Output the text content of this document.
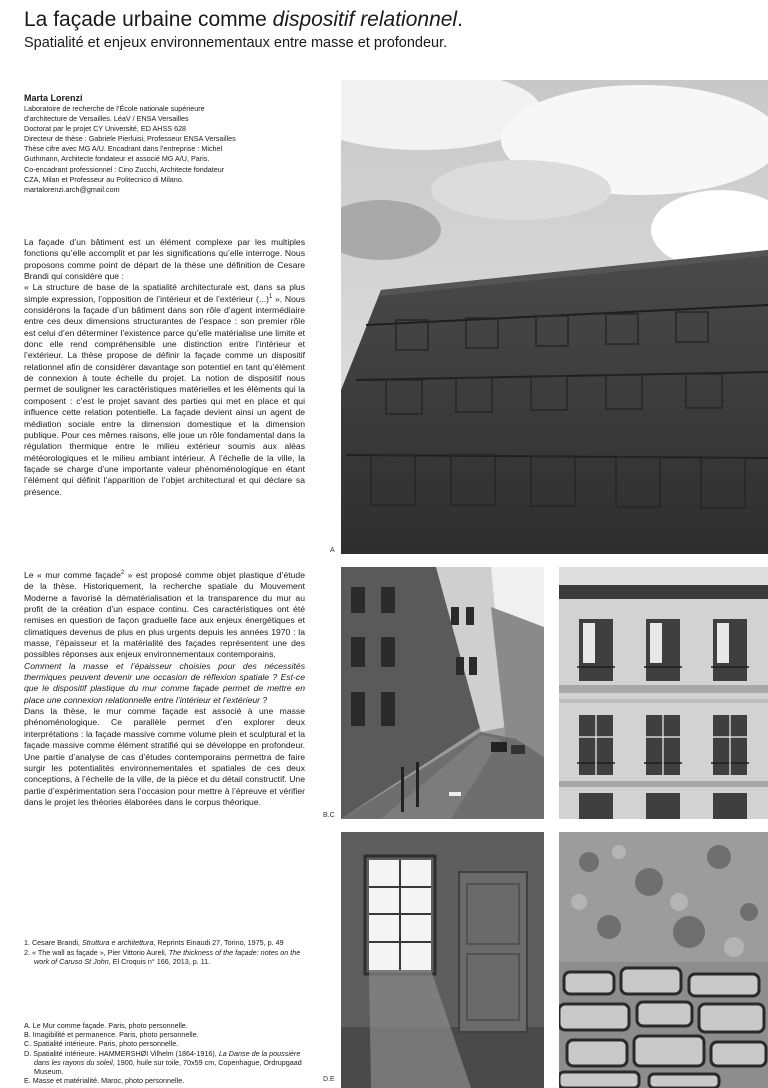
La façade urbaine comme dispositif relationnel.
Spatialité et enjeux environnementaux entre masse et profondeur.
Marta Lorenzi
Laboratoire de recherche de l’École nationale supérieure
d’architecture de Versailles. LéaV / ENSA Versailles
Doctorat par le projet CY Université, ED AHSS 628
Directeur de thèse : Gabriele Pierluisi, Professeur ENSA Versailles
Thèse cifre avec MG A/U. Encadrant dans l’entreprise : Michel
Guthmann, Architecte fondateur et associé MG A/U, Paris.
Co-encadrant professionnel : Cino Zucchi, Architecte fondateur
CZA, Milan et Professeur au Politecnico di Milano.
martalorenzi.arch@gmail.com
La façade d’un bâtiment est un élément complexe par les multiples fonctions qu’elle accomplit et par les significations qu’elle interroge. Nous proposons comme point de départ de la thèse une définition de Cesare Brandi qui considère que :
« La structure de base de la spatialité architecturale est, dans sa plus simple expression, l’opposition de l’intérieur et de l’extérieur (...)$^1$ ». Nous considérons la façade d’un bâtiment dans son rôle d’agent intermédiaire entre ces deux dimensions structurantes de l’espace : son premier rôle est celui d’en déterminer l’existence parce qu’elle matérialise une limite et donc elle rend compréhensible une distinction entre l’intérieur et l’extérieur. La thèse propose de définir la façade comme un dispositif relationnel afin de considérer davantage son potentiel en tant qu’élément de connexion à toute échelle du projet. La notion de dispositif nous permet de souligner les caractéristiques matérielles et les éléments qui la composent : c’est le projet savant des parties qui met en place et qui influence cette relation potentielle. La façade devient ainsi un agent de médiation sociale entre la dimension domestique et la dimension publique. Pour ces mêmes raisons, elle joue un rôle fondamental dans la régulation thermique entre le milieu extérieur soumis aux aléas météorologiques et le milieu ambiant intérieur. À l’échelle de la ville, la façade se charge d’une importante valeur phénoménologique en étant l’élément qui définit l’apparition de l’objet architectural et qui déclare sa présence.
Le « mur comme façade$^2$ » est proposé comme objet plastique d’étude de la thèse. Historiquement, la recherche spatiale du Mouvement Moderne a favorisé la dématérialisation et la transparence du mur au profit de la création d’un espace continu. Ces caractéristiques ont été remises en question de façon graduelle face aux enjeux énergétiques et climatiques devenus de plus en plus urgents depuis les années 1970 : la masse, l’épaisseur et la matérialité des façades représentent une des possibles réponses aux enjeux environnementaux contemporains.
Comment la masse et l’épaisseur choisies pour des nécessités thermiques peuvent devenir une occasion de réflexion spatiale ? Est-ce que le dispositif plastique du mur comme façade permet de mettre en place une connexion relationnelle entre l’intérieur et l’extérieur ?
Dans la thèse, le mur comme façade est associé à une masse phénoménologique. Ce parallèle permet d’en explorer deux interprétations : la façade massive comme volume plein et sculptural et la façade massive comme élément stratifié qui se développe en profondeur. Une partie d’analyse de cas d’études contemporains permettra de faire surgir les potentialités environnementales et spatiales de ces deux conceptions, à l’échelle de la ville, de la pièce et du détail constructif. Une partie d’expérimentation sera l’occasion pour mettre à l’épreuve et vérifier dans le projet les théories élaborées dans le corpus théorique.
1. Cesare Brandi, Struttura e architettura, Reprints Einaudi 27, Torino, 1975, p. 49
2. « The wall as façade », Pier Vittorio Aureli, The thickness of the façade: notes on the work of Caruso St John, El Croquis n° 166, 2013, p. 11.
A. Le Mur comme façade. Paris, photo personnelle.
B. Imagibilité et permanence. Paris, photo personnelle.
C. Spatialité intérieure. Paris, photo personnelle.
D. Spatialité intérieure. HAMMERSHØI Vilhelm (1864-1916), La Danse de la poussière dans les rayons du soleil, 1900, huile sur toile, 70x59 cm, Copenhague, Ordrupgaad Museum.
E. Masse et matérialité. Maroc, photo personnelle.
A
B.C
D.E
